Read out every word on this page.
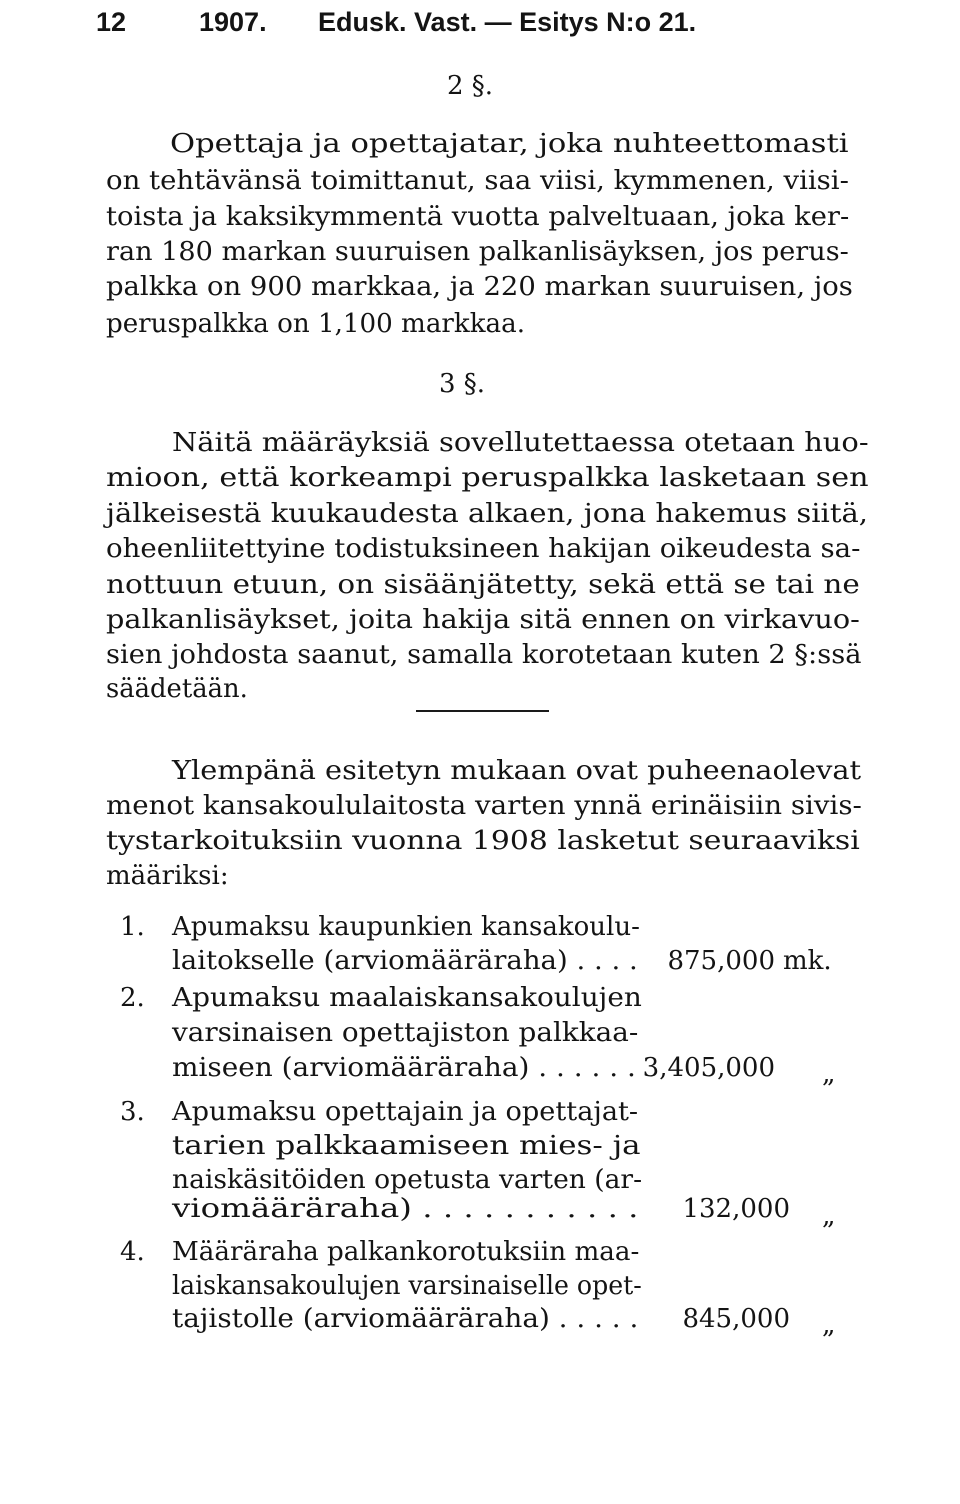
12	1907. Edusk. Vast. — Esitys N:o 21.
2 §.
Opettaja ja opettajatar, joka nuhteettomasti
on tehtävänsä toimittanut, saa viisi, kymmenen, viisi-
toista ja kaksikymmentä vuotta palveltuaan, joka ker-
ran 180 markan suuruisen palkanlisäyksen, jos perus-
palkka on 900 markkaa, ja 220 markan suuruisen, jos
peruspalkka on 1,100 markkaa.
3 §.
Näitä määräyksiä sovellutettaessa otetaan huo-
mioon, että korkeampi peruspalkka lasketaan sen
jälkeisestä kuukaudesta alkaen, jona hakemus siitä,
oheenliitettyine todistuksineen hakijan oikeudesta sa-
nottuun etuun, on sisäänjätetty, sekä että se tai ne
palkanlisäykset, joita hakija sitä ennen on virkavuo-
sien johdosta saanut, samalla korotetaan kuten 2 §:ssä
säädetään.
Ylempänä esitetyn mukaan ovat puheenaolevat
menot kansakoululaitosta varten ynnä erinäisiin sivis-
tystarkoituksiin vuonna 1908 lasketut seuraaviksi
määriksi:
1. Apumaksu kaupunkien kansakoulu-
laitokselle (arviomääräraha) . . . .	875,000 mk.
2. Apumaksu maalaiskansakoulujen
varsinaisen opettajiston palkkaa-
miseen (arviomääräraha) . . . . . . 3,405,000 „
3. Apumaksu opettajain ja opettajat-
tarien palkkaamiseen mies- ja
naiskäsitöiden opetusta varten (ar-
viomääräraha) . . . . . . . . . . .	132,000 „
4. Määräraha palkankorotuksiin maa-
laiskansakoulujen varsinaiselle opet-
tajistolle (arviomääräraha) . . . . .	845,000 „
